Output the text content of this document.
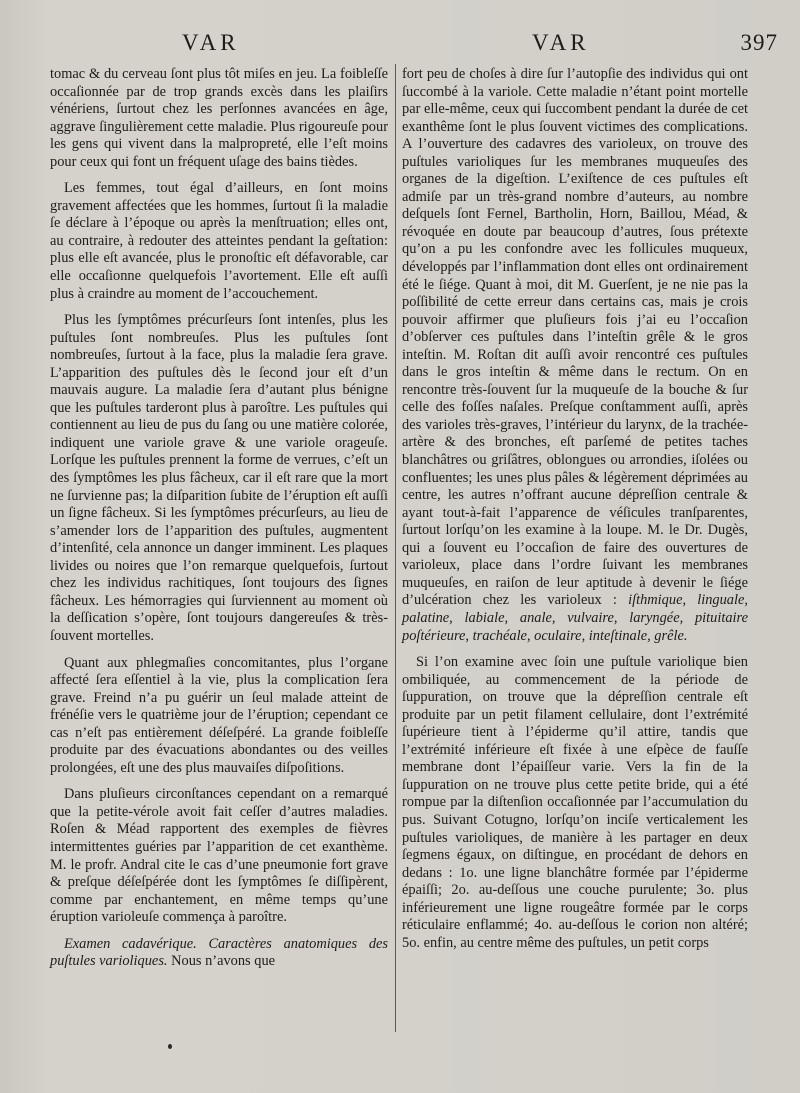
VAR	VAR	397

tomac & du cerveau ſont plus tôt miſes en jeu. La foibleſſe occaſionnée par de trop grands excès dans les plaiſirs vénériens, ſurtout chez les perſonnes avancées en âge, aggrave ſingulièrement cette maladie. Plus rigoureuſe pour les gens qui vivent dans la malpropreté, elle l’eſt moins pour ceux qui font un fréquent uſage des bains tièdes.

Les femmes, tout égal d’ailleurs, en ſont moins gravement affectées que les hommes, ſurtout ſi la maladie ſe déclare à l’époque ou après la menſtruation; elles ont, au contraire, à redouter des atteintes pendant la geſtation: plus elle eſt avancée, plus le pronoſtic eſt défavorable, car elle occaſionne quelquefois l’avortement. Elle eſt auſſi plus à craindre au moment de l’accouchement.

Plus les ſymptômes précurſeurs ſont intenſes, plus les puſtules ſont nombreuſes. Plus les puſtules ſont nombreuſes, ſurtout à la face, plus la maladie ſera grave. L’apparition des puſtules dès le ſecond jour eſt d’un mauvais augure. La maladie ſera d’autant plus bénigne que les puſtules tarderont plus à paroître. Les puſtules qui contiennent au lieu de pus du ſang ou une matière colorée, indiquent une variole grave & une variole orageuſe. Lorſque les puſtules prennent la forme de verrues, c’eſt un des ſymptômes les plus fâcheux, car il eſt rare que la mort ne ſurvienne pas; la diſparition ſubite de l’éruption eſt auſſi un ſigne fâcheux. Si les ſymptômes précurſeurs, au lieu de s’amender lors de l’apparition des puſtules, augmentent d’intenſité, cela annonce un danger imminent. Les plaques livides ou noires que l’on remarque quelquefois, ſurtout chez les individus rachitiques, ſont toujours des ſignes fâcheux. Les hémorragies qui ſurviennent au moment où la deſſication s’opère, ſont toujours dangereuſes & très-ſouvent mortelles.

Quant aux phlegmaſies concomitantes, plus l’organe affecté ſera eſſentiel à la vie, plus la complication ſera grave. Freind n’a pu guérir un ſeul malade atteint de frénéſie vers le quatrième jour de l’éruption; cependant ce cas n’eſt pas entièrement déſeſpéré. La grande foibleſſe produite par des évacuations abondantes ou des veilles prolongées, eſt une des plus mauvaiſes diſpoſitions.

Dans pluſieurs circonſtances cependant on a remarqué que la petite-vérole avoit fait ceſſer d’autres maladies. Roſen & Méad rapportent des exemples de fièvres intermittentes guéries par l’apparition de cet exanthème. M. le profr. Andral cite le cas d’une pneumonie fort grave & preſque déſeſpérée dont les ſymptômes ſe diſſipèrent, comme par enchantement, en même temps qu’une éruption varioleuſe commença à paroître.

Examen cadavérique. Caractères anatomiques des puſtules varioliques. Nous n’avons que

fort peu de choſes à dire ſur l’autopſie des individus qui ont ſuccombé à la variole. Cette maladie n’étant point mortelle par elle-même, ceux qui ſuccombent pendant la durée de cet exanthême ſont le plus ſouvent victimes des complications. A l’ouverture des cadavres des varioleux, on trouve des puſtules varioliques ſur les membranes muqueuſes des organes de la digeſtion. L’exiſtence de ces puſtules eſt admiſe par un très-grand nombre d’auteurs, au nombre deſquels ſont Fernel, Bartholin, Horn, Baillou, Méad, & révoquée en doute par beaucoup d’autres, ſous prétexte qu’on a pu les confondre avec les follicules muqueux, développés par l’inflammation dont elles ont ordinairement été le ſiége. Quant à moi, dit M. Guerſent, je ne nie pas la poſſibilité de cette erreur dans certains cas, mais je crois pouvoir affirmer que pluſieurs fois j’ai eu l’occaſion d’obſerver ces puſtules dans l’inteſtin grêle & le gros inteſtin. M. Roſtan dit auſſi avoir rencontré ces puſtules dans le gros inteſtin & même dans le rectum. On en rencontre très-ſouvent ſur la muqueuſe de la bouche & ſur celle des foſſes naſales. Preſque conſtamment auſſi, après des varioles très-graves, l’intérieur du larynx, de la trachée-artère & des bronches, eſt parſemé de petites taches blanchâtres ou griſâtres, oblongues ou arrondies, iſolées ou confluentes; les unes plus pâles & légèrement déprimées au centre, les autres n’offrant aucune dépreſſion centrale & ayant tout-à-fait l’apparence de véſicules tranſparentes, ſurtout lorſqu’on les examine à la loupe. M. le Dr. Dugès, qui a ſouvent eu l’occaſion de faire des ouvertures de varioleux, place dans l’ordre ſuivant les membranes muqueuſes, en raiſon de leur aptitude à devenir le ſiége d’ulcération chez les varioleux : iſthmique, linguale, palatine, labiale, anale, vulvaire, laryngée, pituitaire poſtérieure, trachéale, oculaire, inteſtinale, grêle.

Si l’on examine avec ſoin une puſtule variolique bien ombiliquée, au commencement de la période de ſuppuration, on trouve que la dépreſſion centrale eſt produite par un petit filament cellulaire, dont l’extrémité ſupérieure tient à l’épiderme qu’il attire, tandis que l’extrémité inférieure eſt fixée à une eſpèce de fauſſe membrane dont l’épaiſſeur varie. Vers la fin de la ſuppuration on ne trouve plus cette petite bride, qui a été rompue par la diſtenſion occaſionnée par l’accumulation du pus. Suivant Cotugno, lorſqu’on inciſe verticalement les puſtules varioliques, de manière à les partager en deux ſegmens égaux, on diſtingue, en procédant de dehors en dedans : 1o. une ligne blanchâtre formée par l’épiderme épaiſſi; 2o. au-deſſous une couche purulente; 3o. plus inférieurement une ligne rougeâtre formée par le corps réticulaire enflammé; 4o. au-deſſous le corion non altéré; 5o. enfin, au centre même des puſtules, un petit corps
